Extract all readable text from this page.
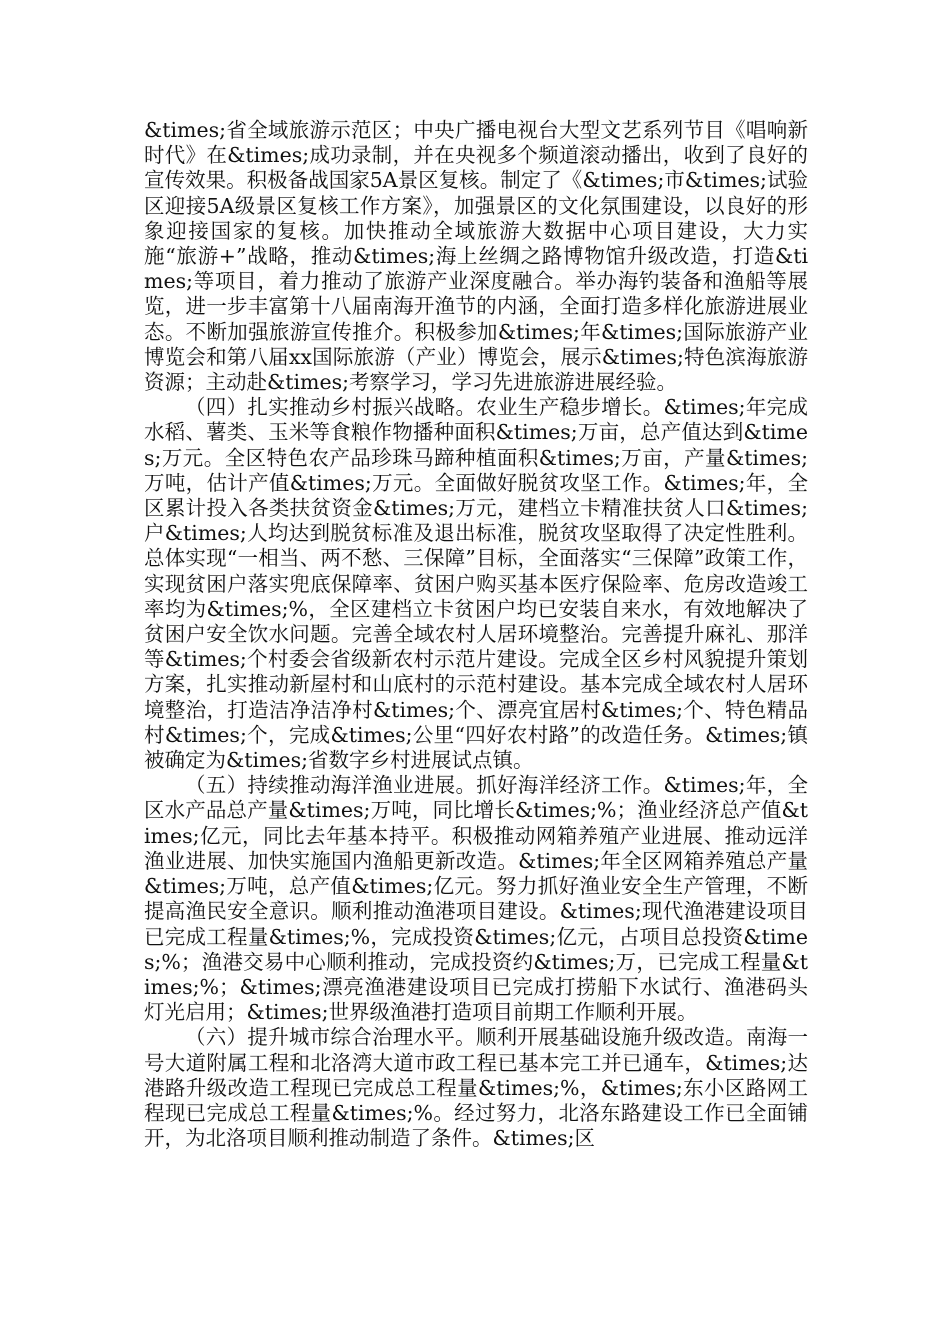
&times;省全域旅游示范区；中央广播电视台大型文艺系列节目《唱响新时代》在&times;成功录制，并在央视多个频道滚动播出，收到了良好的宣传效果。积极备战国家5A景区复核。制定了《&times;市&times;试验区迎接5A级景区复核工作方案》，加强景区的文化氛围建设，以良好的形象迎接国家的复核。加快推动全域旅游大数据中心项目建设，大力实施“旅游+”战略，推动&times;海上丝绸之路博物馆升级改造，打造&times;等项目，着力推动了旅游产业深度融合。举办海钓装备和渔船等展览，进一步丰富第十八届南海开渔节的内涵，全面打造多样化旅游进展业态。不断加强旅游宣传推介。积极参加&times;年&times;国际旅游产业博览会和第八届xx国际旅游（产业）博览会，展示&times;特色滨海旅游资源；主动赴&times;考察学习，学习先进旅游进展经验。

（四）扎实推动乡村振兴战略。农业生产稳步增长。&times;年完成水稻、薯类、玉米等食粮作物播种面积&times;万亩，总产值达到&times;万元。全区特色农产品珍珠马蹄种植面积&times;万亩，产量&times;万吨，估计产值&times;万元。全面做好脱贫攻坚工作。&times;年，全区累计投入各类扶贫资金&times;万元，建档立卡精准扶贫人口&times;户&times;人均达到脱贫标准及退出标准，脱贫攻坚取得了决定性胜利。总体实现“一相当、两不愁、三保障”目标，全面落实“三保障”政策工作，实现贫困户落实兜底保障率、贫困户购买基本医疗保险率、危房改造竣工率均为&times;%，全区建档立卡贫困户均已安装自来水，有效地解决了贫困户安全饮水问题。完善全域农村人居环境整治。完善提升麻礼、那洋等&times;个村委会省级新农村示范片建设。完成全区乡村风貌提升策划方案，扎实推动新屋村和山底村的示范村建设。基本完成全域农村人居环境整治，打造洁净洁净村&times;个、漂亮宜居村&times;个、特色精品村&times;个，完成&times;公里“四好农村路”的改造任务。&times;镇被确定为&times;省数字乡村进展试点镇。

（五）持续推动海洋渔业进展。抓好海洋经济工作。&times;年，全区水产品总产量&times;万吨，同比增长&times;%；渔业经济总产值&times;亿元，同比去年基本持平。积极推动网箱养殖产业进展、推动远洋渔业进展、加快实施国内渔船更新改造。&times;年全区网箱养殖总产量&times;万吨，总产值&times;亿元。努力抓好渔业安全生产管理，不断提高渔民安全意识。顺利推动渔港项目建设。&times;现代渔港建设项目已完成工程量&times;%，完成投资&times;亿元，占项目总投资&times;%；渔港交易中心顺利推动，完成投资约&times;万，已完成工程量&times;%；&times;漂亮渔港建设项目已完成打捞船下水试行、渔港码头灯光启用；&times;世界级渔港打造项目前期工作顺利开展。

（六）提升城市综合治理水平。顺利开展基础设施升级改造。南海一号大道附属工程和北洛湾大道市政工程已基本完工并已通车，&times;达港路升级改造工程现已完成总工程量&times;%，&times;东小区路网工程现已完成总工程量&times;%。经过努力，北洛东路建设工作已全面铺开，为北洛项目顺利推动制造了条件。&times;区
